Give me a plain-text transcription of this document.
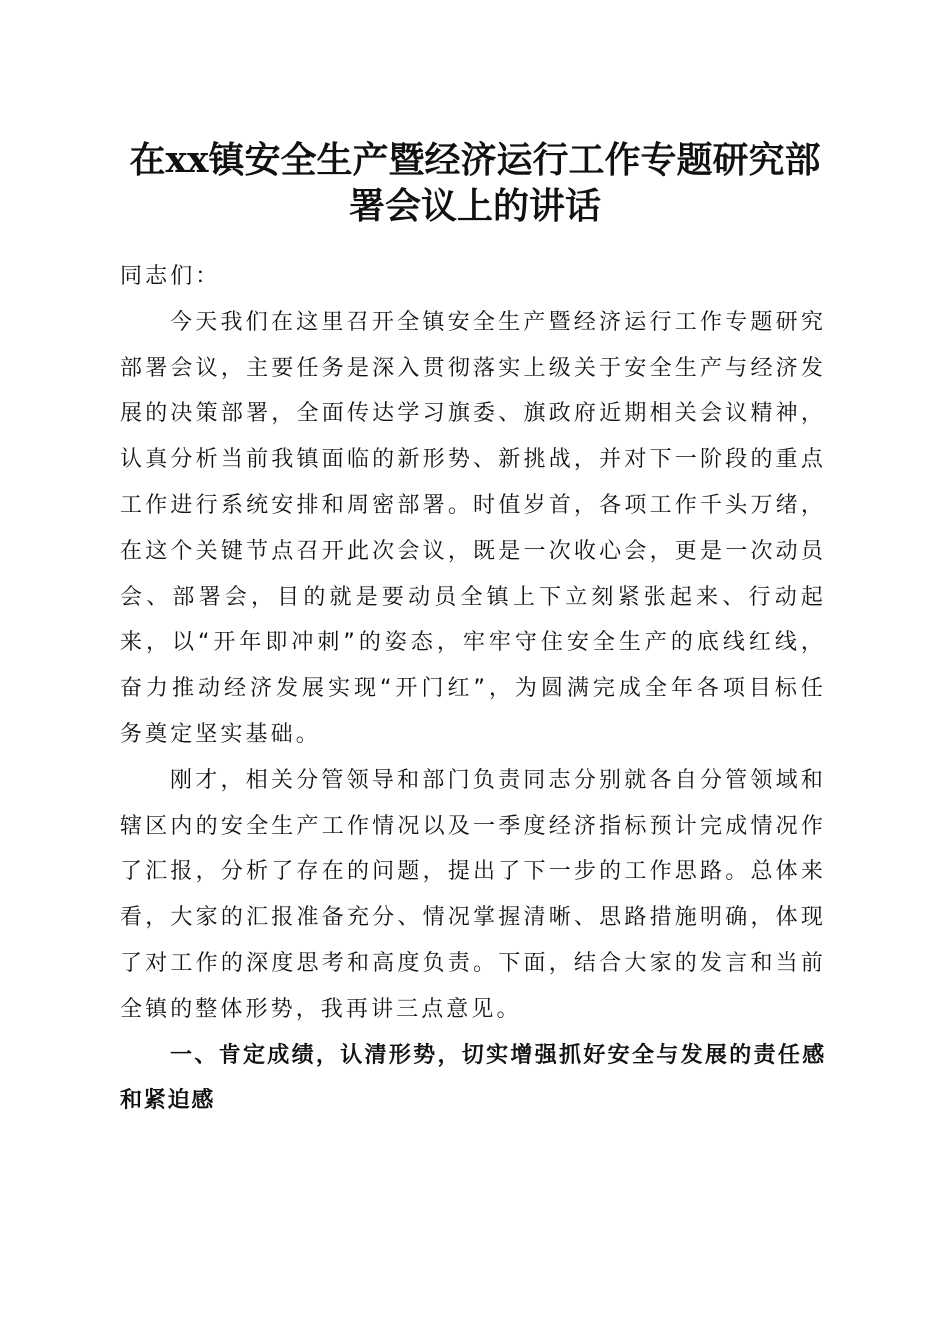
在xx镇安全生产暨经济运行工作专题研究部
署会议上的讲话

同志们：

今天我们在这里召开全镇安全生产暨经济运行工作专题研究部署会议，主要任务是深入贯彻落实上级关于安全生产与经济发展的决策部署，全面传达学习旗委、旗政府近期相关会议精神，认真分析当前我镇面临的新形势、新挑战，并对下一阶段的重点工作进行系统安排和周密部署。时值岁首，各项工作千头万绪，在这个关键节点召开此次会议，既是一次收心会，更是一次动员会、部署会，目的就是要动员全镇上下立刻紧张起来、行动起来，以“开年即冲刺”的姿态，牢牢守住安全生产的底线红线，奋力推动经济发展实现“开门红”，为圆满完成全年各项目标任务奠定坚实基础。

刚才，相关分管领导和部门负责同志分别就各自分管领域和辖区内的安全生产工作情况以及一季度经济指标预计完成情况作了汇报，分析了存在的问题，提出了下一步的工作思路。总体来看，大家的汇报准备充分、情况掌握清晰、思路措施明确，体现了对工作的深度思考和高度负责。下面，结合大家的发言和当前全镇的整体形势，我再讲三点意见。

一、肯定成绩，认清形势，切实增强抓好安全与发展的责任感和紧迫感
